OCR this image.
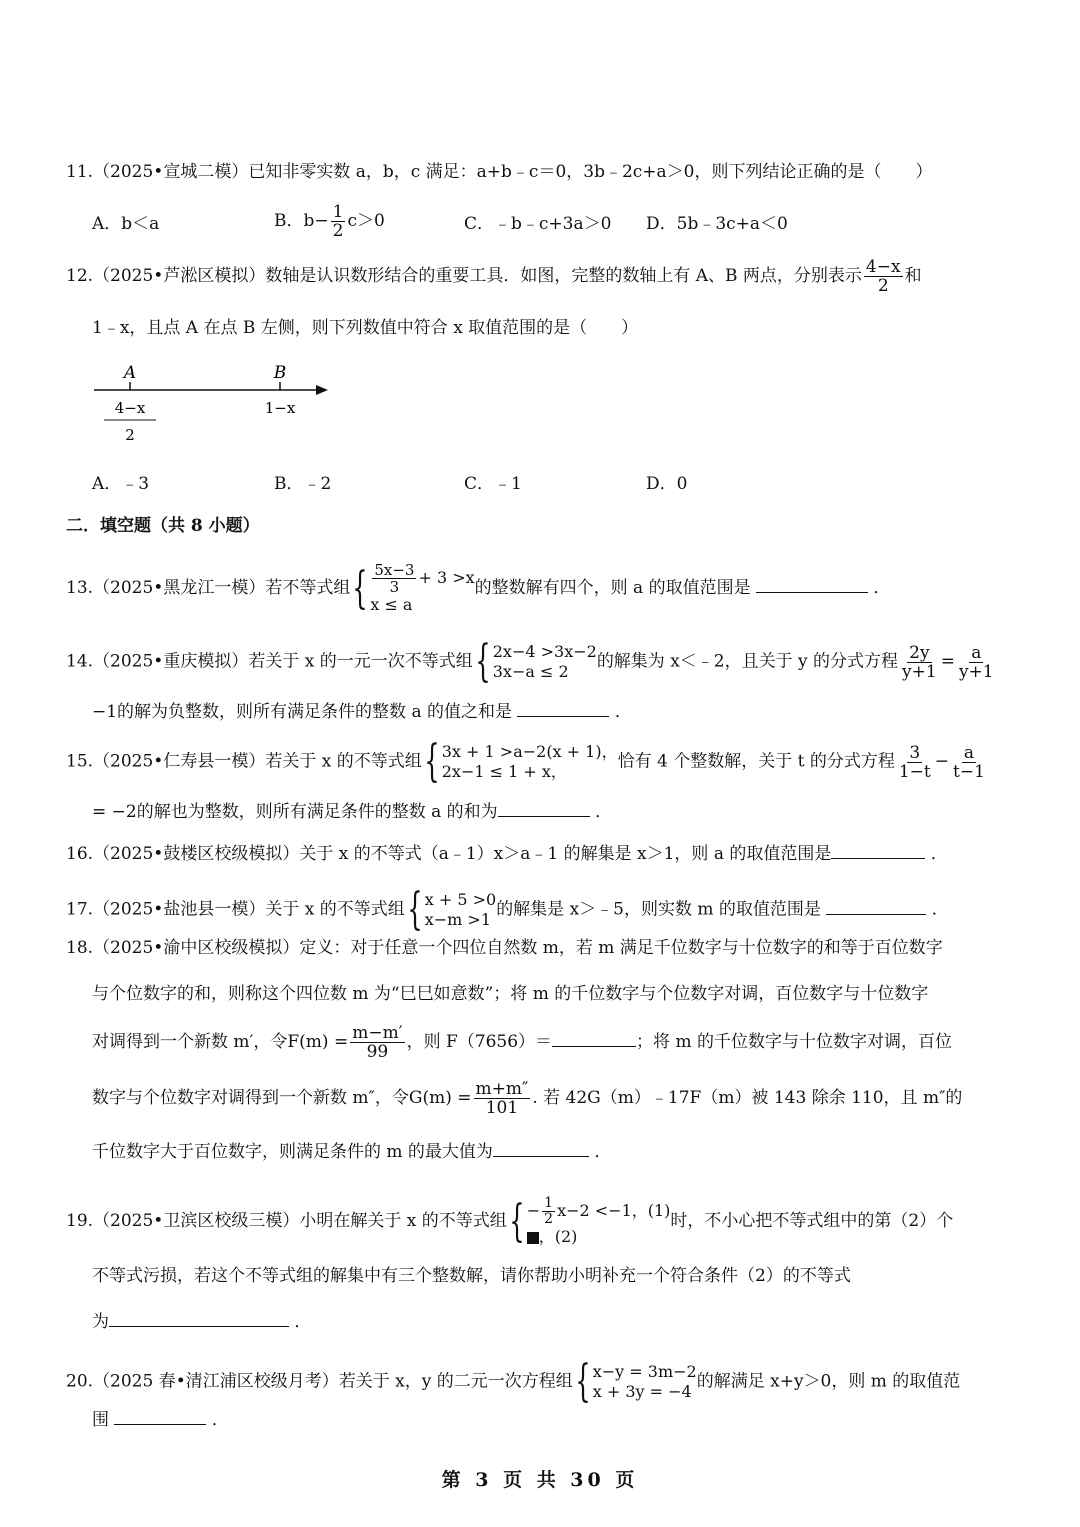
11.（2025•宣城二模）已知非零实数 a，b，c 满足：a+b﹣c＝0，3b﹣2c+a＞0，则下列结论正确的是（　　）
A．b＜a	B．$b- \frac{1}{2} c>0$	C．﹣b﹣c+3a＞0 D．5b﹣3c+a＜0
12.（2025•芦淞区模拟）数轴是认识数形结合的重要工具．如图，完整的数轴上有 A、B 两点，分别表示 $\frac{4-x}{2}$ 和
1﹣x，且点 A 在点 B 左侧，则下列数值中符合 x 取值范围的是（　　）
A	B
4−x
2
1−x
A．﹣3	B．﹣2	C．﹣1	D．0
二．填空题（共 8 小题）
13.（2025•黑龙江一模）若不等式组 { $\frac{5x-3}{3} + 3 >x$
x ≤ a
的整数解有四个，则 a 的取值范围是	．
14.（2025•重庆模拟）若关于 x 的一元一次不等式组 { 2x−4 >3x−2
3x−a ≤ 2	的解集为 x＜﹣2，且关于 y 的分式方程 $\frac{2y}{y+1} = \frac{a}{y+1}$
−1的解为负整数，则所有满足条件的整数 a 的值之和是	．
15.（2025•仁寿县一模）若关于 x 的不等式组 { 3x + 1 >a−2(x + 1)，
2x−1 ≤ 1 + x，	恰有 4 个整数解，关于 t 的分式方程 $\frac{3}{1-t} - \frac{a}{t-1}$
= −2的解也为整数，则所有满足条件的整数 a 的和为	．
16.（2025•鼓楼区校级模拟）关于 x 的不等式（a﹣1）x＞a﹣1 的解集是 x＞1，则 a 的取值范围是	．
17.（2025•盐池县一模）关于 x 的不等式组 { x + 5 >0
x−m >1 的解集是 x＞﹣5，则实数 m 的取值范围是	．
18.（2025•渝中区校级模拟）定义：对于任意一个四位自然数 m，若 m 满足千位数字与十位数字的和等于百位数字
与个位数字的和，则称这个四位数 m 为“巳巳如意数”；将 m 的千位数字与个位数字对调，百位数字与十位数字
对调得到一个新数 m′，令$F(m) = \frac{m-m'}{99}$ ，则 F（7656）＝	；将 m 的千位数字与十位数字对调，百位
数字与个位数字对调得到一个新数 m″，令$G(m) = \frac{m+m''}{101}$ . 若 42G（m）﹣17F（m）被 143 除余 110，且 m″的
千位数字大于百位数字，则满足条件的 m 的最大值为	．
19.（2025•卫滨区校级三模）小明在解关于 x 的不等式组 { − $\frac{1}{2} x-2 <-1$，(1)
，(2)
时，不小心把不等式组中的第（2）个
不等式污损，若这个不等式组的解集中有三个整数解，请你帮助小明补充一个符合条件（2）的不等式
为	．
20.（2025 春•清江浦区校级月考）若关于 x，y 的二元一次方程组 { x−y = 3m−2
x + 3y = −4 的解满足 x+y＞0，则 m 的取值范
围	．
第 3 页 共 30 页
